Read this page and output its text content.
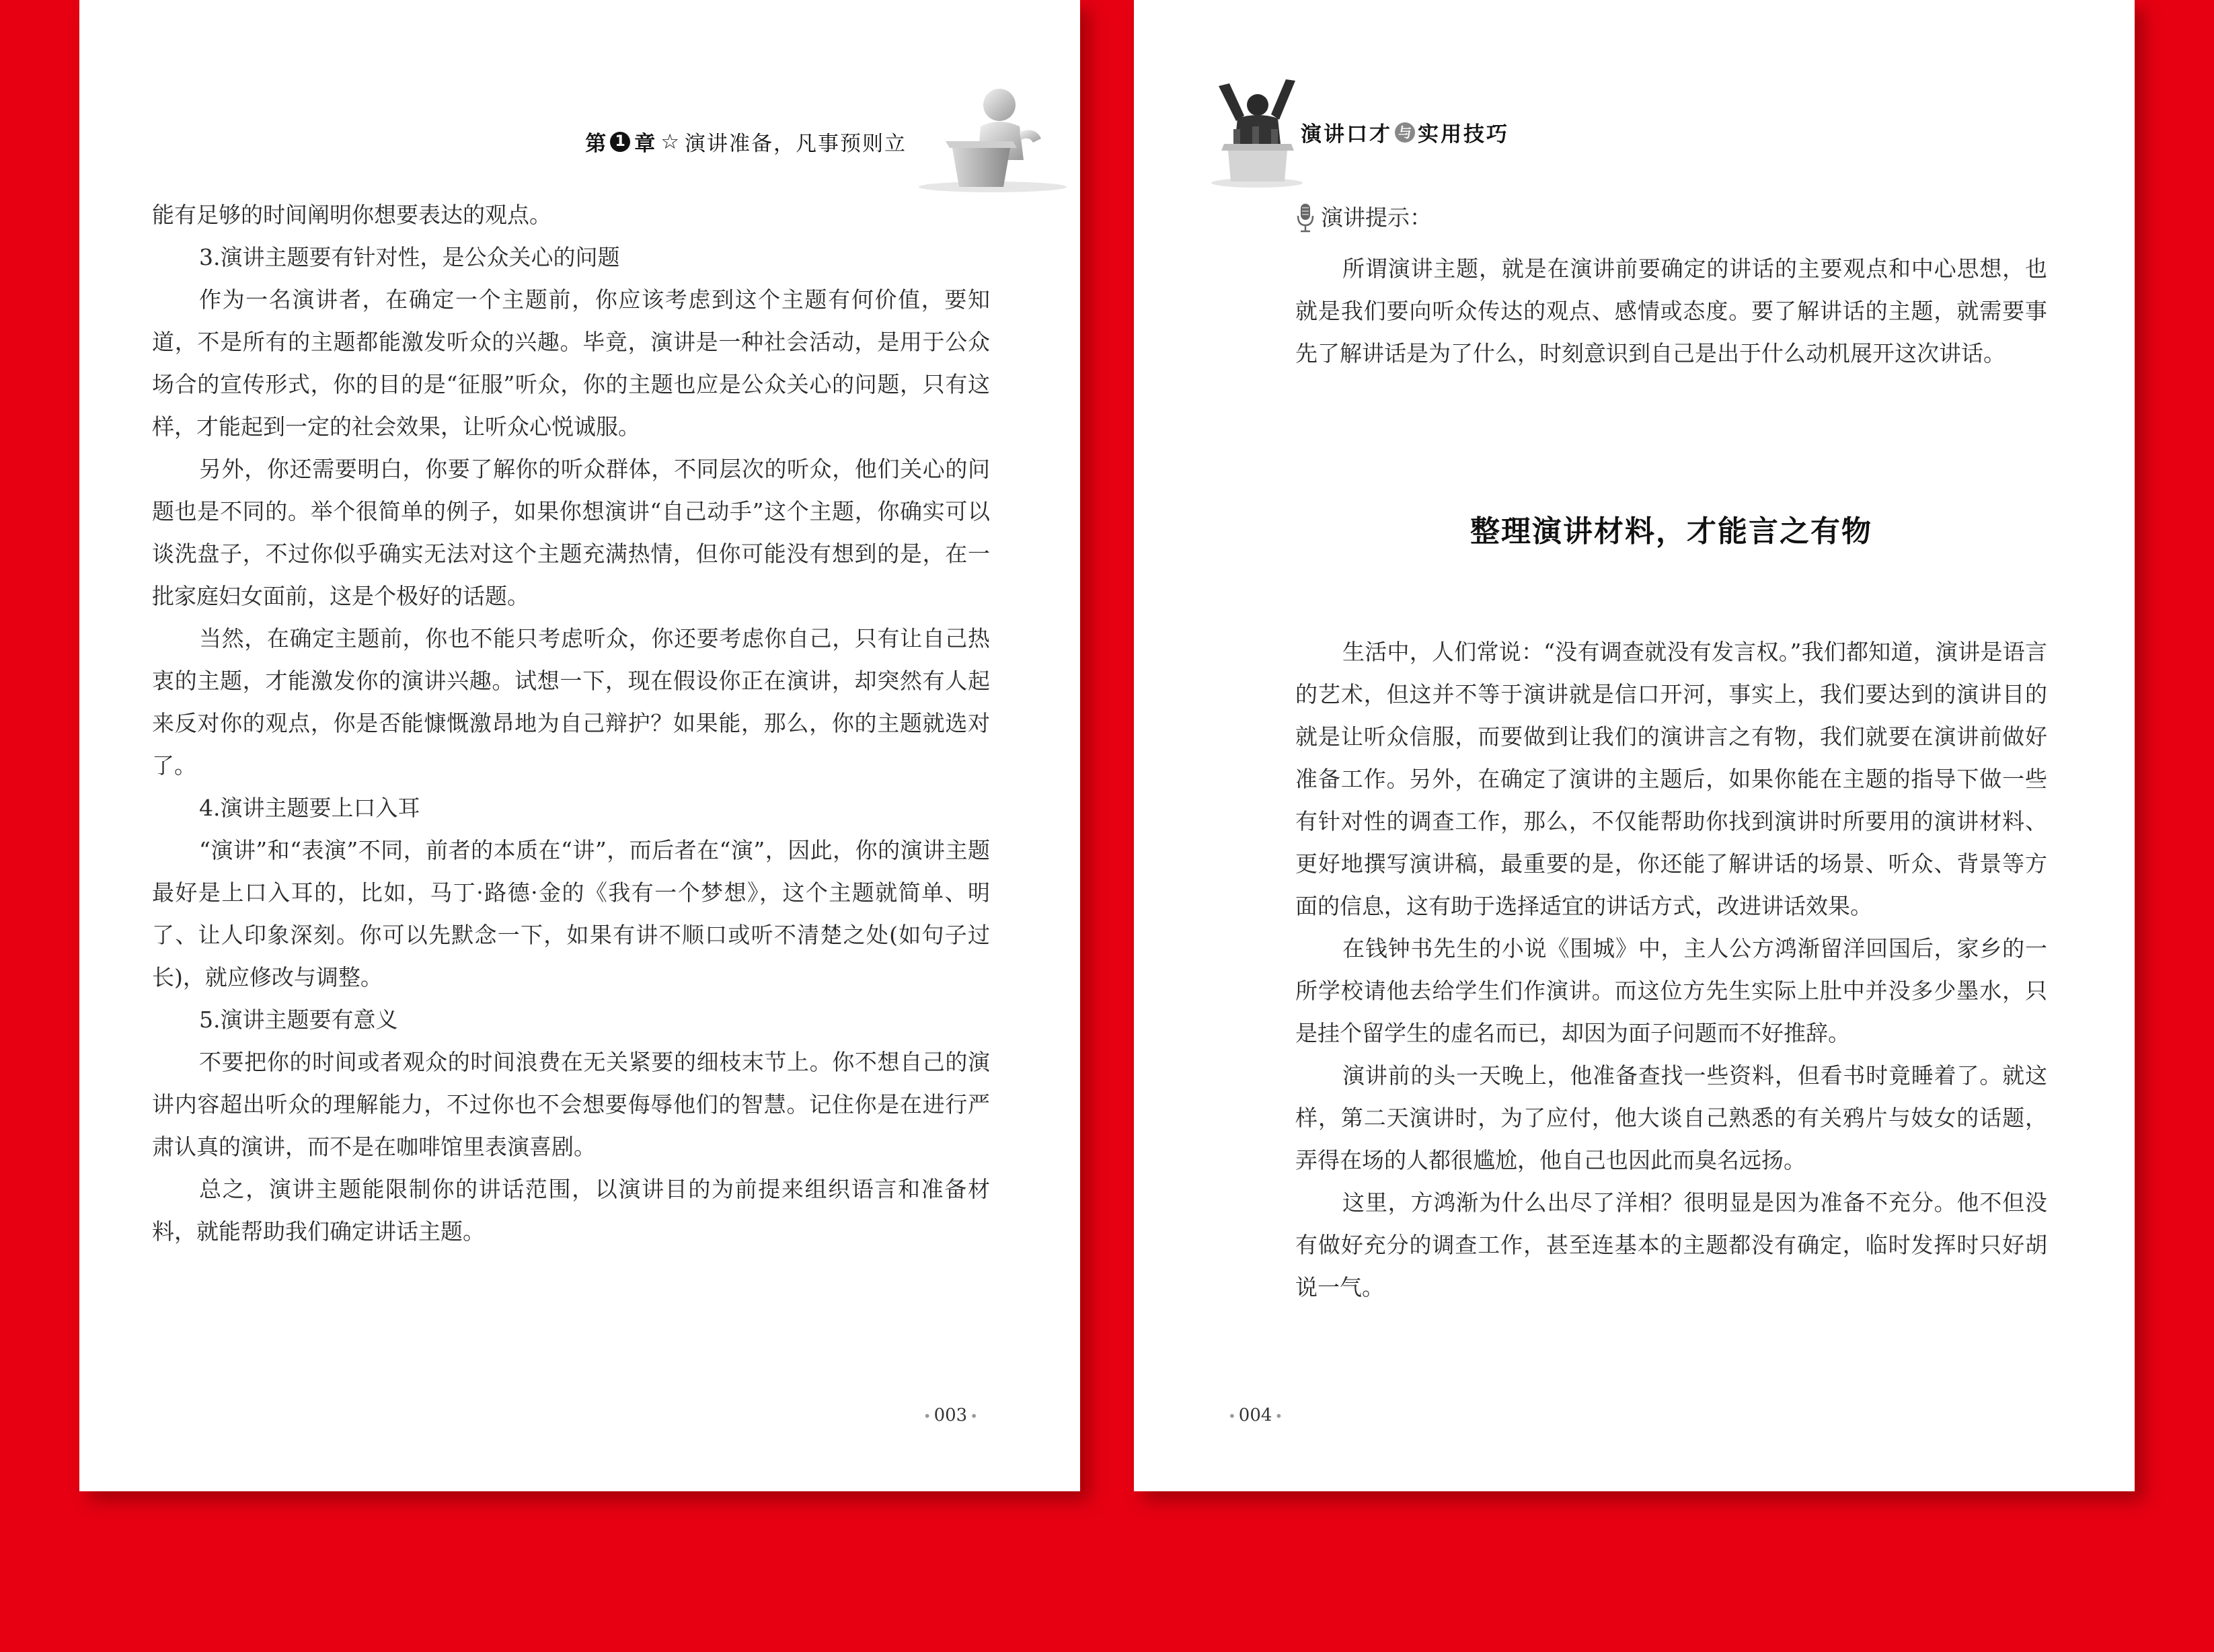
第 1 章 ☆ 演讲准备，凡事预则立

能有足够的时间阐明你想要表达的观点。

3.演讲主题要有针对性，是公众关心的问题

作为一名演讲者，在确定一个主题前，你应该考虑到这个主题有何价值，要知道，不是所有的主题都能激发听众的兴趣。毕竟，演讲是一种社会活动，是用于公众场合的宣传形式，你的目的是“征服”听众，你的主题也应是公众关心的问题，只有这样，才能起到一定的社会效果，让听众心悦诚服。

另外，你还需要明白，你要了解你的听众群体，不同层次的听众，他们关心的问题也是不同的。举个很简单的例子，如果你想演讲“自己动手”这个主题，你确实可以谈洗盘子，不过你似乎确实无法对这个主题充满热情，但你可能没有想到的是，在一批家庭妇女面前，这是个极好的话题。

当然，在确定主题前，你也不能只考虑听众，你还要考虑你自己，只有让自己热衷的主题，才能激发你的演讲兴趣。试想一下，现在假设你正在演讲，却突然有人起来反对你的观点，你是否能慷慨激昂地为自己辩护？如果能，那么，你的主题就选对了。

4.演讲主题要上口入耳

“演讲”和“表演”不同，前者的本质在“讲”，而后者在“演”，因此，你的演讲主题最好是上口入耳的，比如，马丁·路德·金的《我有一个梦想》，这个主题就简单、明了、让人印象深刻。你可以先默念一下，如果有讲不顺口或听不清楚之处(如句子过长)，就应修改与调整。

5.演讲主题要有意义

不要把你的时间或者观众的时间浪费在无关紧要的细枝末节上。你不想自己的演讲内容超出听众的理解能力，不过你也不会想要侮辱他们的智慧。记住你是在进行严肃认真的演讲，而不是在咖啡馆里表演喜剧。

总之，演讲主题能限制你的讲话范围，以演讲目的为前提来组织语言和准备材料，就能帮助我们确定讲话主题。

• 003 •
演讲口才 与 实用技巧
演讲提示：

所谓演讲主题，就是在演讲前要确定的讲话的主要观点和中心思想，也就是我们要向听众传达的观点、感情或态度。要了解讲话的主题，就需要事先了解讲话是为了什么，时刻意识到自己是出于什么动机展开这次讲话。

整理演讲材料，才能言之有物

生活中，人们常说：“没有调查就没有发言权。”我们都知道，演讲是语言的艺术，但这并不等于演讲就是信口开河，事实上，我们要达到的演讲目的就是让听众信服，而要做到让我们的演讲言之有物，我们就要在演讲前做好准备工作。另外，在确定了演讲的主题后，如果你能在主题的指导下做一些有针对性的调查工作，那么，不仅能帮助你找到演讲时所要用的演讲材料、更好地撰写演讲稿，最重要的是，你还能了解讲话的场景、听众、背景等方面的信息，这有助于选择适宜的讲话方式，改进讲话效果。

在钱钟书先生的小说《围城》中，主人公方鸿渐留洋回国后，家乡的一所学校请他去给学生们作演讲。而这位方先生实际上肚中并没多少墨水，只是挂个留学生的虚名而已，却因为面子问题而不好推辞。

演讲前的头一天晚上，他准备查找一些资料，但看书时竟睡着了。就这样，第二天演讲时，为了应付，他大谈自己熟悉的有关鸦片与妓女的话题，弄得在场的人都很尴尬，他自己也因此而臭名远扬。

这里，方鸿渐为什么出尽了洋相？很明显是因为准备不充分。他不但没有做好充分的调查工作，甚至连基本的主题都没有确定，临时发挥时只好胡说一气。

• 004 •
